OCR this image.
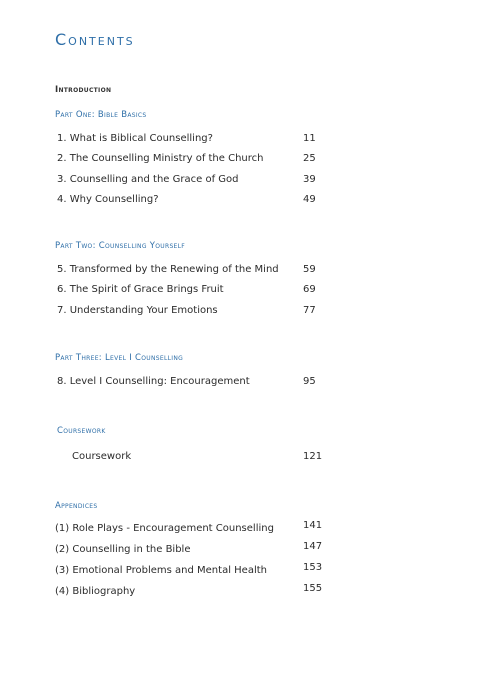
Contents
Introduction
Part One: Bible Basics
1. What is Biblical Counselling?	11
2. The Counselling Ministry of the Church	25
3. Counselling and the Grace of God	39
4. Why Counselling?	49
Part Two: Counselling Yourself
5. Transformed by the Renewing of the Mind 59
6. The Spirit of Grace Brings Fruit	69
7. Understanding Your Emotions	77
Part Three: Level I Counselling
8. Level I Counselling: Encouragement	95
Coursework
Coursework	121
Appendices
(1) Role Plays - Encouragement Counselling	141
(2) Counselling in the Bible	147
(3) Emotional Problems and Mental Health	153
(4) Bibliography	155
